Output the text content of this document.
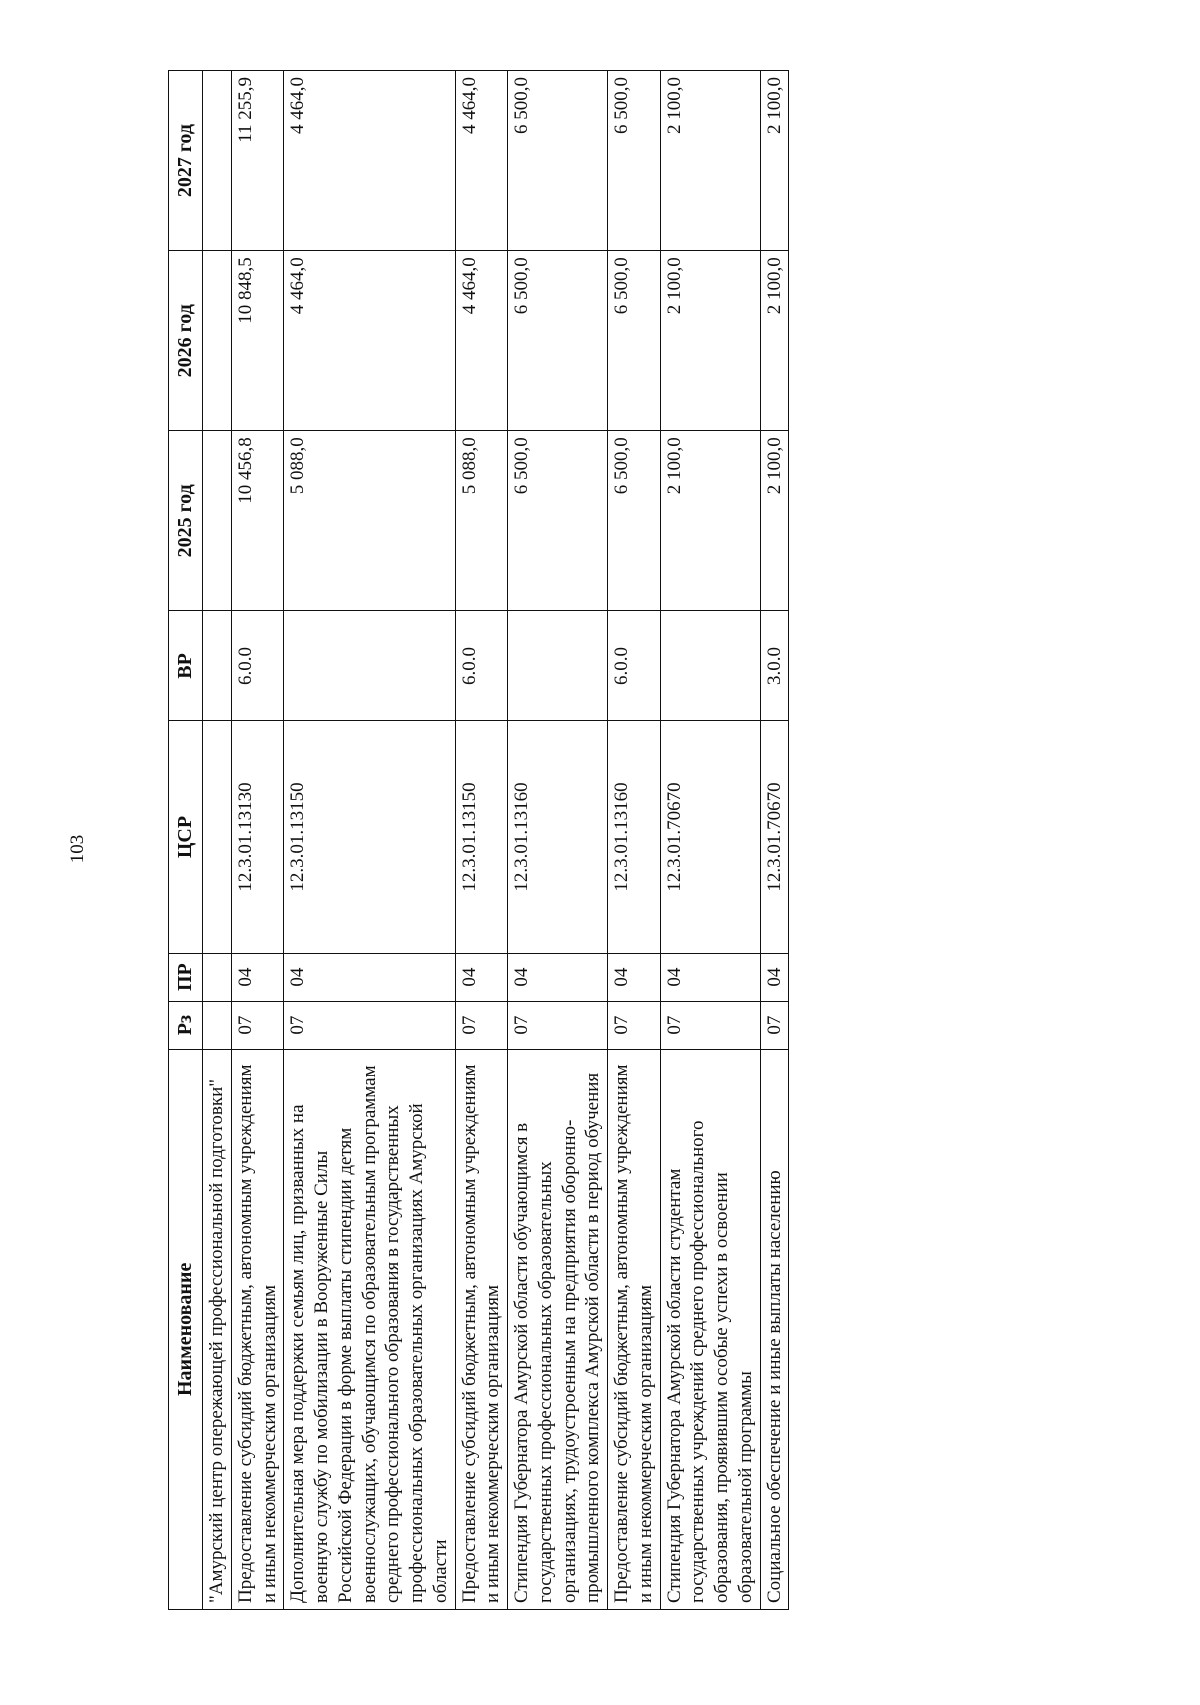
103
Наименование	Рз	ПР	ЦСР	ВР	2025 год	2026 год	2027 год
"Амурский центр опережающей профессиональной подготовки"							
Предоставление субсидий бюджетным, автономным учреждениям и иным некоммерческим организациям	07	04	12.3.01.13130	6.0.0	10 456,8	10 848,5	11 255,9
Дополнительная мера поддержки семьям лиц, призванных на военную службу по мобилизации в Вооруженные Силы Российской Федерации в форме выплаты стипендии детям военнослужащих, обучающимся по образовательным программам среднего профессионального образования в государственных профессиональных образовательных организациях Амурской области	07	04	12.3.01.13150		5 088,0	4 464,0	4 464,0
Предоставление субсидий бюджетным, автономным учреждениям и иным некоммерческим организациям	07	04	12.3.01.13150	6.0.0	5 088,0	4 464,0	4 464,0
Стипендия Губернатора Амурской области обучающимся в государственных профессиональных образовательных организациях, трудоустроенным на предприятия оборонно-промышленного комплекса Амурской области в период обучения	07	04	12.3.01.13160		6 500,0	6 500,0	6 500,0
Предоставление субсидий бюджетным, автономным учреждениям и иным некоммерческим организациям	07	04	12.3.01.13160	6.0.0	6 500,0	6 500,0	6 500,0
Стипендия Губернатора Амурской области студентам государственных учреждений среднего профессионального образования, проявившим особые успехи в освоении образовательной программы	07	04	12.3.01.70670		2 100,0	2 100,0	2 100,0
Социальное обеспечение и иные выплаты населению	07	04	12.3.01.70670	3.0.0	2 100,0	2 100,0	2 100,0
